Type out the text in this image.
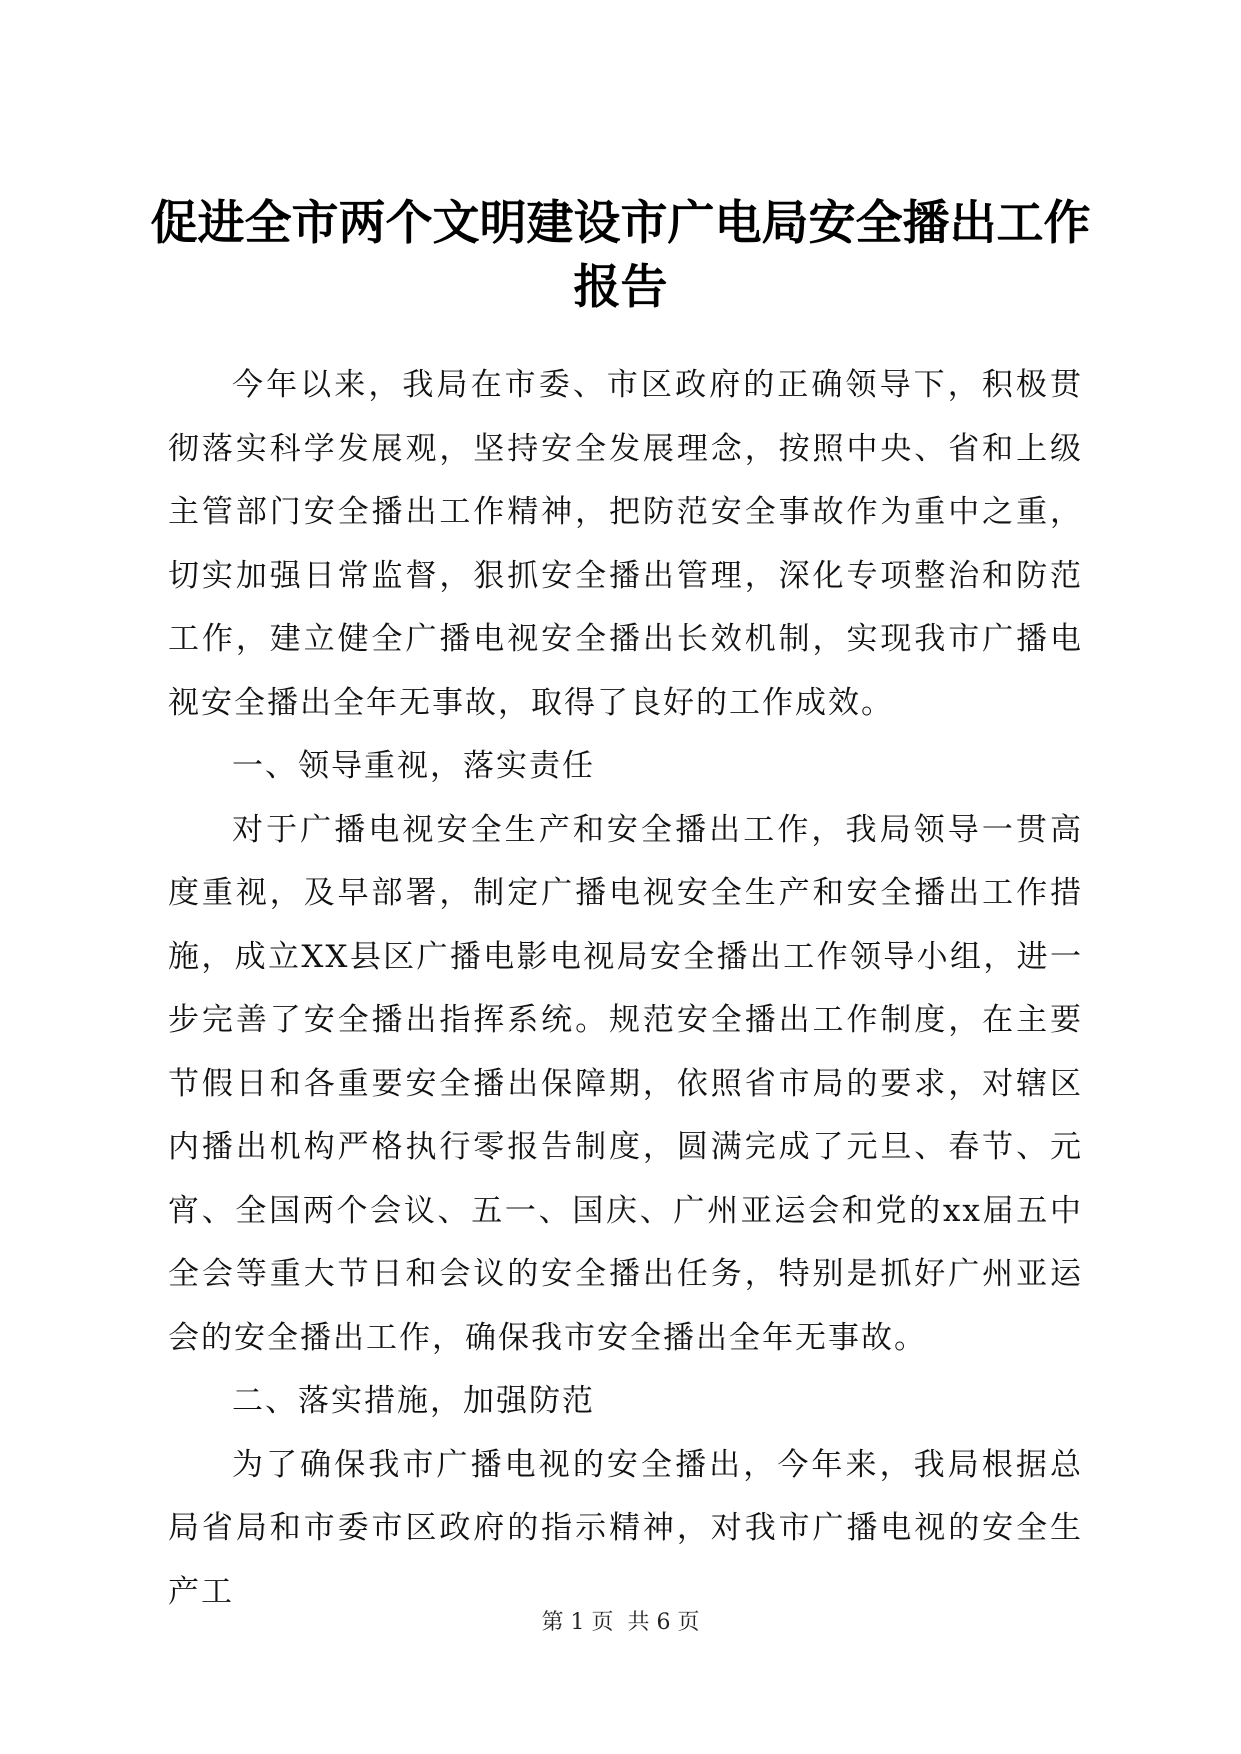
促进全市两个文明建设市广电局安全播出工作报告

今年以来，我局在市委、市区政府的正确领导下，积极贯彻落实科学发展观，坚持安全发展理念，按照中央、省和上级主管部门安全播出工作精神，把防范安全事故作为重中之重，切实加强日常监督，狠抓安全播出管理，深化专项整治和防范工作，建立健全广播电视安全播出长效机制，实现我市广播电视安全播出全年无事故，取得了良好的工作成效。

一、领导重视，落实责任

对于广播电视安全生产和安全播出工作，我局领导一贯高度重视，及早部署，制定广播电视安全生产和安全播出工作措施，成立XX县区广播电影电视局安全播出工作领导小组，进一步完善了安全播出指挥系统。规范安全播出工作制度，在主要节假日和各重要安全播出保障期，依照省市局的要求，对辖区内播出机构严格执行零报告制度，圆满完成了元旦、春节、元宵、全国两个会议、五一、国庆、广州亚运会和党的xx届五中全会等重大节日和会议的安全播出任务，特别是抓好广州亚运会的安全播出工作，确保我市安全播出全年无事故。

二、落实措施，加强防范

为了确保我市广播电视的安全播出，今年来，我局根据总局省局和市委市区政府的指示精神，对我市广播电视的安全生产工

第 1 页  共 6 页
